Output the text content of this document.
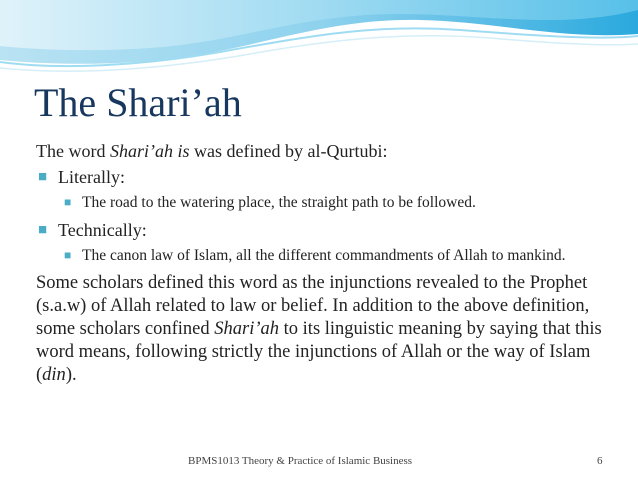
The Shari’ah

The word Shari’ah is was defined by al-Qurtubi:

■ Literally:
■ The road to the watering place, the straight path to be followed.
■ Technically:
■ The canon law of Islam, all the different commandments of Allah to mankind.

Some scholars defined this word as the injunctions revealed to the Prophet (s.a.w) of Allah related to law or belief. In addition to the above definition, some scholars confined Shari’ah to its linguistic meaning by saying that this word means, following strictly the injunctions of Allah or the way of Islam (din).

BPMS1013 Theory & Practice of Islamic Business	6
